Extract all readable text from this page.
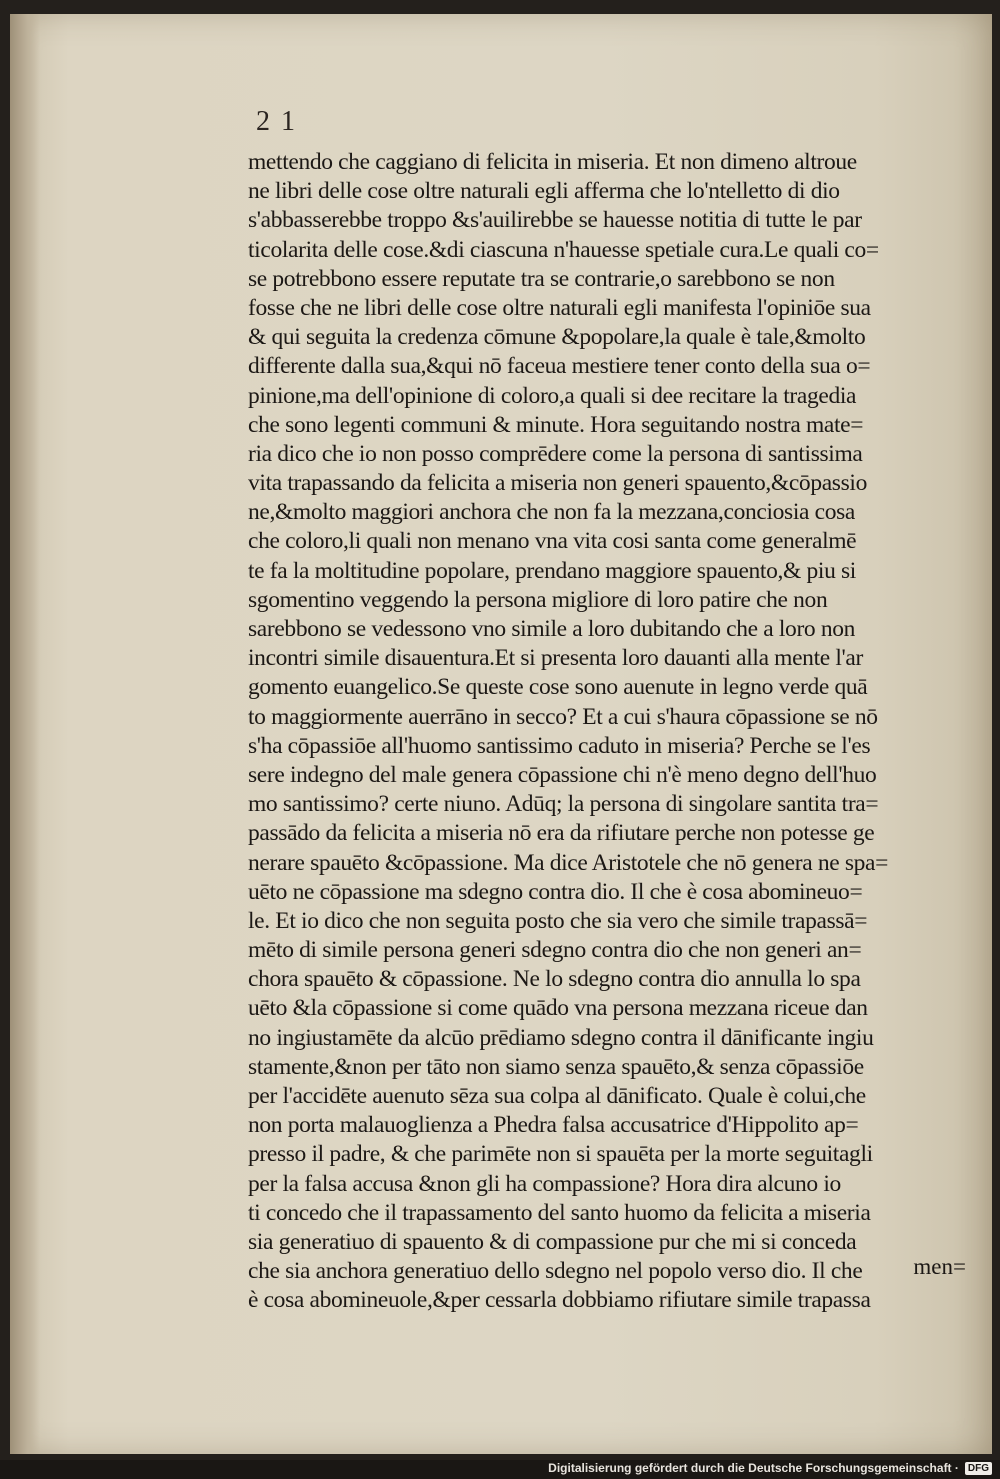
2 1
mettendo che caggiano di felicita in miseria. Et non dimeno altroue
ne libri delle cose oltre naturali egli afferma che lo'ntelletto di dio
s'abbasserebbe troppo &s'auilirebbe se hauesse notitia di tutte le par
ticolarita delle cose.&di ciascuna n'hauesse spetiale cura.Le quali co=
se potrebbono essere reputate tra se contrarie,o sarebbono se non
fosse che ne libri delle cose oltre naturali egli manifesta l'opiniōe sua
& qui seguita la credenza cōmune &popolare,la quale è tale,&molto
differente dalla sua,&qui nō faceua mestiere tener conto della sua o=
pinione,ma dell'opinione di coloro,a quali si dee recitare la tragedia
che sono legenti communi & minute. Hora seguitando nostra mate=
ria dico che io non posso comprēdere come la persona di santissima
vita trapassando da felicita a miseria non generi spauento,&cōpassio
ne,&molto maggiori anchora che non fa la mezzana,conciosia cosa
che coloro,li quali non menano vna vita cosi santa come generalmē
te fa la moltitudine popolare, prendano maggiore spauento,& piu si
sgomentino veggendo la persona migliore di loro patire che non
sarebbono se vedessono vno simile a loro dubitando che a loro non
incontri simile disauentura.Et si presenta loro dauanti alla mente l'ar
gomento euangelico.Se queste cose sono auenute in legno verde quā
to maggiormente auerrāno in secco? Et a cui s'haura cōpassione se nō
s'ha cōpassiōe all'huomo santissimo caduto in miseria? Perche se l'es
sere indegno del male genera cōpassione chi n'è meno degno dell'huo
mo santissimo? certe niuno. Adūq; la persona di singolare santita tra=
passādo da felicita a miseria nō era da rifiutare perche non potesse ge
nerare spauēto &cōpassione. Ma dice Aristotele che nō genera ne spa=
uēto ne cōpassione ma sdegno contra dio. Il che è cosa abomineuo=
le. Et io dico che non seguita posto che sia vero che simile trapassā=
mēto di simile persona generi sdegno contra dio che non generi an=
chora spauēto & cōpassione. Ne lo sdegno contra dio annulla lo spa
uēto &la cōpassione si come quādo vna persona mezzana riceue dan
no ingiustamēte da alcūo prēdiamo sdegno contra il dānificante ingiu
stamente,&non per tāto non siamo senza spauēto,& senza cōpassiōe
per l'accidēte auenuto sēza sua colpa al dānificato. Quale è colui,che
non porta malauoglienza a Phedra falsa accusatrice d'Hippolito ap=
presso il padre, & che parimēte non si spauēta per la morte seguitagli
per la falsa accusa &non gli ha compassione? Hora dira alcuno io
ti concedo che il trapassamento del santo huomo da felicita a miseria
sia generatiuo di spauento & di compassione pur che mi si conceda
che sia anchora generatiuo dello sdegno nel popolo verso dio. Il che
è cosa abomineuole,&per cessarla dobbiamo rifiutare simile trapassa
men=
Digitalisierung gefördert durch die Deutsche Forschungsgemeinschaft · DFG
